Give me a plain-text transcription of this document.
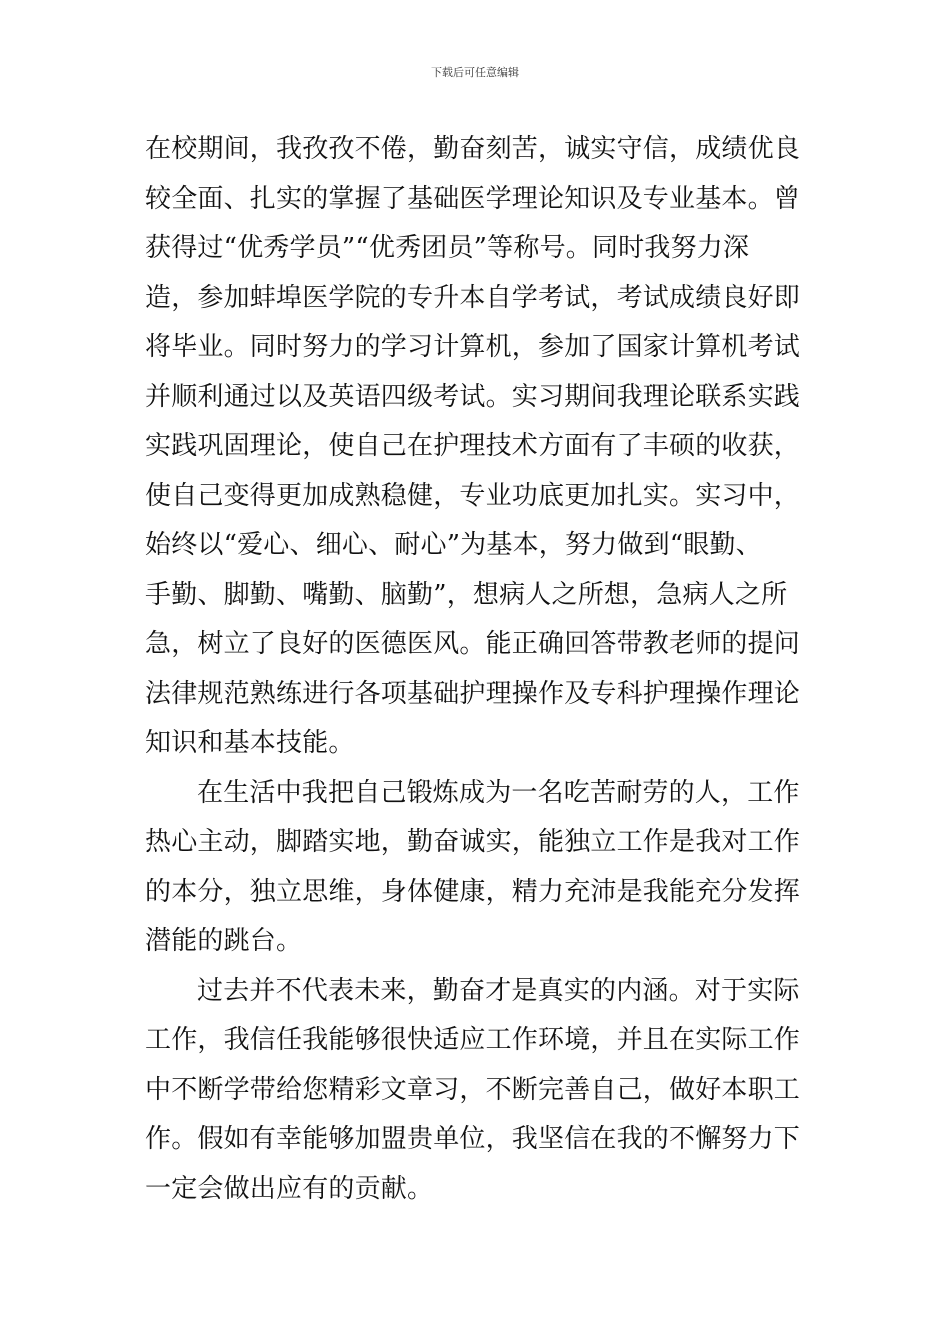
下载后可任意编辑

在校期间，我孜孜不倦，勤奋刻苦，诚实守信，成绩优良
较全面、扎实的掌握了基础医学理论知识及专业基本。曾
获得过“优秀学员”“优秀团员”等称号。同时我努力深
造，参加蚌埠医学院的专升本自学考试，考试成绩良好即
将毕业。同时努力的学习计算机，参加了国家计算机考试
并顺利通过以及英语四级考试。实习期间我理论联系实践
实践巩固理论，使自己在护理技术方面有了丰硕的收获，
使自己变得更加成熟稳健，专业功底更加扎实。实习中，
始终以“爱心、细心、耐心”为基本，努力做到“眼勤、
手勤、脚勤、嘴勤、脑勤”，想病人之所想，急病人之所
急，树立了良好的医德医风。能正确回答带教老师的提问
法律规范熟练进行各项基础护理操作及专科护理操作理论
知识和基本技能。

在生活中我把自己锻炼成为一名吃苦耐劳的人，工作
热心主动，脚踏实地，勤奋诚实，能独立工作是我对工作
的本分，独立思维，身体健康，精力充沛是我能充分发挥
潜能的跳台。

过去并不代表未来，勤奋才是真实的内涵。对于实际
工作，我信任我能够很快适应工作环境，并且在实际工作
中不断学带给您精彩文章习，不断完善自己，做好本职工
作。假如有幸能够加盟贵单位，我坚信在我的不懈努力下
一定会做出应有的贡献。
